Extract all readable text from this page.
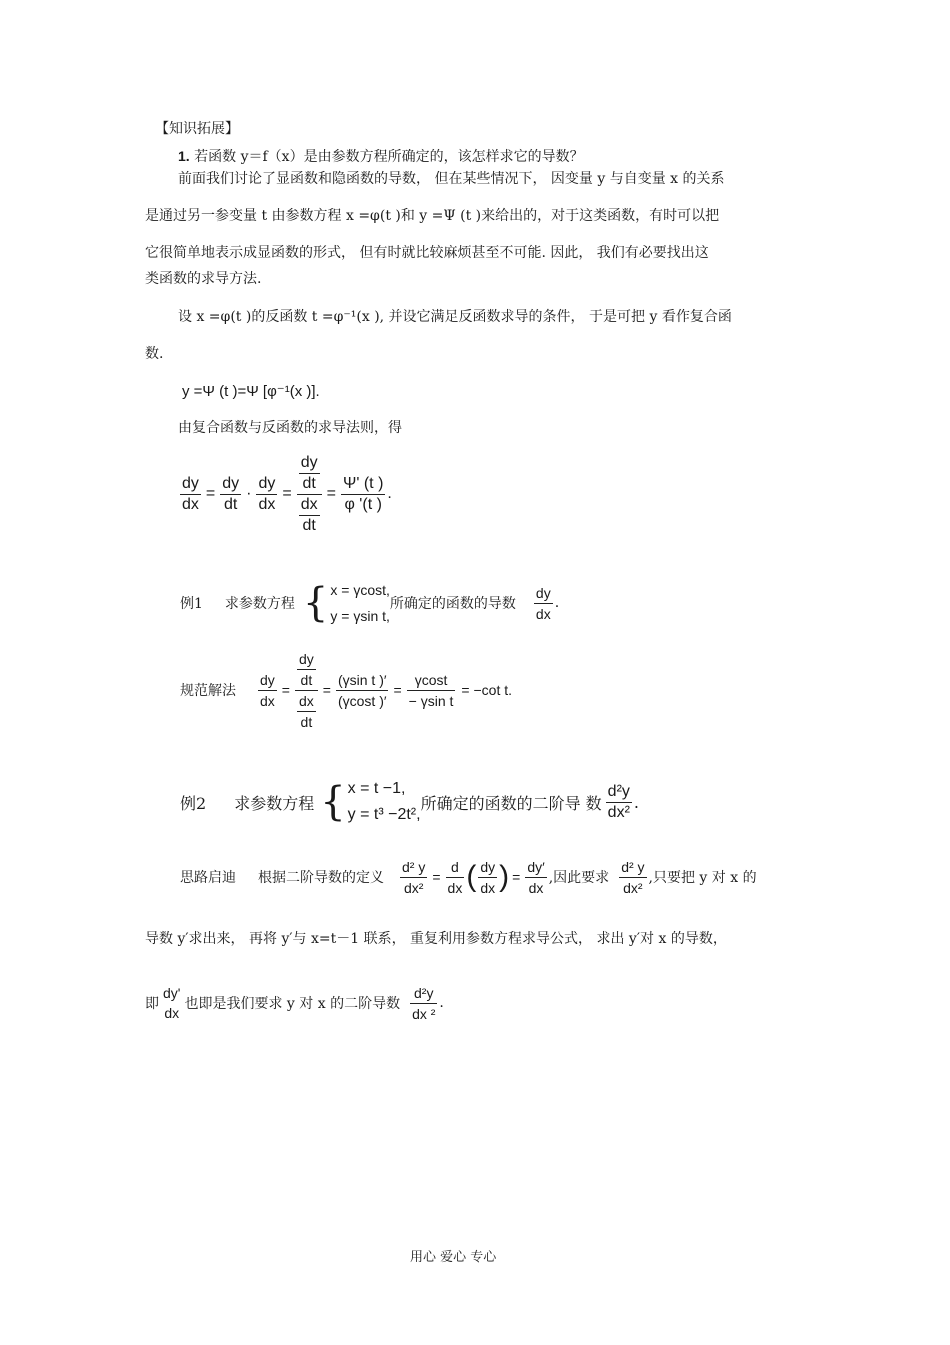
【知识拓展】
1. 若函数 y＝f（x）是由参数方程所确定的，该怎样求它的导数？
前面我们讨论了显函数和隐函数的导数， 但在某些情况下， 因变量 y 与自变量 x 的关系
是通过另一参变量 t 由参数方程 x =φ(t )和 y =Ψ (t )来给出的，对于这类函数，有时可以把
它很简单地表示成显函数的形式， 但有时就比较麻烦甚至不可能. 因此， 我们有必要找出这
类函数的求导方法.
设 x =φ(t )的反函数 t =φ⁻¹(x ), 并设它满足反函数求导的条件， 于是可把 y 看作复合函
数.
y =Ψ (t )=Ψ [φ⁻¹(x )].
由复合函数与反函数的求导法则，得
$\frac{dy}{dx} = \frac{dy}{dt} \cdot \frac{dy}{dx} = \frac{\frac{dy}{dt}}{\frac{dx}{dt}} = \frac{\Psi' (t )}{\varphi '(t )}$ .
例1 求参数方程 { x = γcost,
y = γsin t,
所确定的函数的导数 $\frac{dy}{dx}$ .
规范解法 $\frac{dy}{dx} = \frac{\frac{dy}{dt}}{\frac{dx}{dt}} = \frac{\text{(γsin t )′}}{(\gamma\cos t )'} = \frac{\gamma\cos t}{\text{− γsin t}} = -\cot$ t.
例2 求参数方程 { x = t −1,
y = t³ −2t²,
所确定的函数的二阶导 数 $\frac{\text{d²y}}{\text{dx²}}$ .
思路启迪 根据二阶导数的定义 $\frac{\text{d² y}}{\text{dx²}} = \frac{d}{dx}$ ( $\frac{dy}{dx}$ ) = $\frac{dy'}{dx}$ ,因此要求 $\frac{\text{d² y}}{\text{dx²}}$ ,只要把 y 对 x 的
导数 y′求出来， 再将 y′与 x=t－1 联系， 重复利用参数方程求导公式， 求出 y′对 x 的导数，
即
dy'
dx
也即是我们要求 y 对 x 的二阶导数 $\frac{\text{d²y}}{\text{dx ²}}$ .
用心 爱心 专心
